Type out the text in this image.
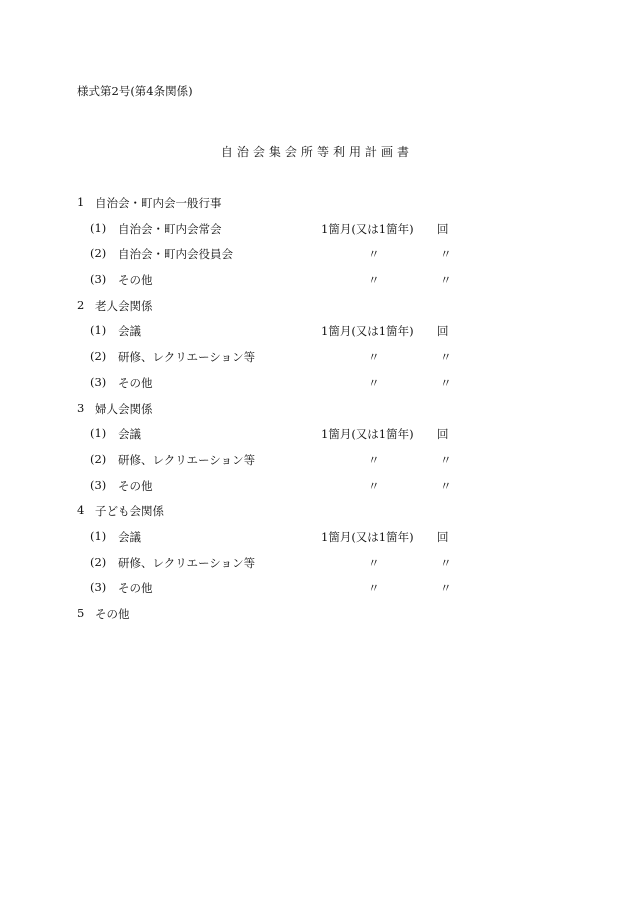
様式第2号(第4条関係)
自 治 会 集 会 所 等 利 用 計 画 書
1 自治会・町内会一般行事
(1) 自治会・町内会常会	1箇月(又は1箇年) 回
(2) 自治会・町内会役員会	〃	〃
(3) その他	〃	〃
2 老人会関係
(1) 会議	1箇月(又は1箇年) 回
(2) 研修、レクリエーション等	〃	〃
(3) その他	〃	〃
3 婦人会関係
(1) 会議	1箇月(又は1箇年) 回
(2) 研修、レクリエーション等	〃	〃
(3) その他	〃	〃
4 子ども会関係
(1) 会議	1箇月(又は1箇年) 回
(2) 研修、レクリエーション等	〃	〃
(3) その他	〃	〃
5 その他
